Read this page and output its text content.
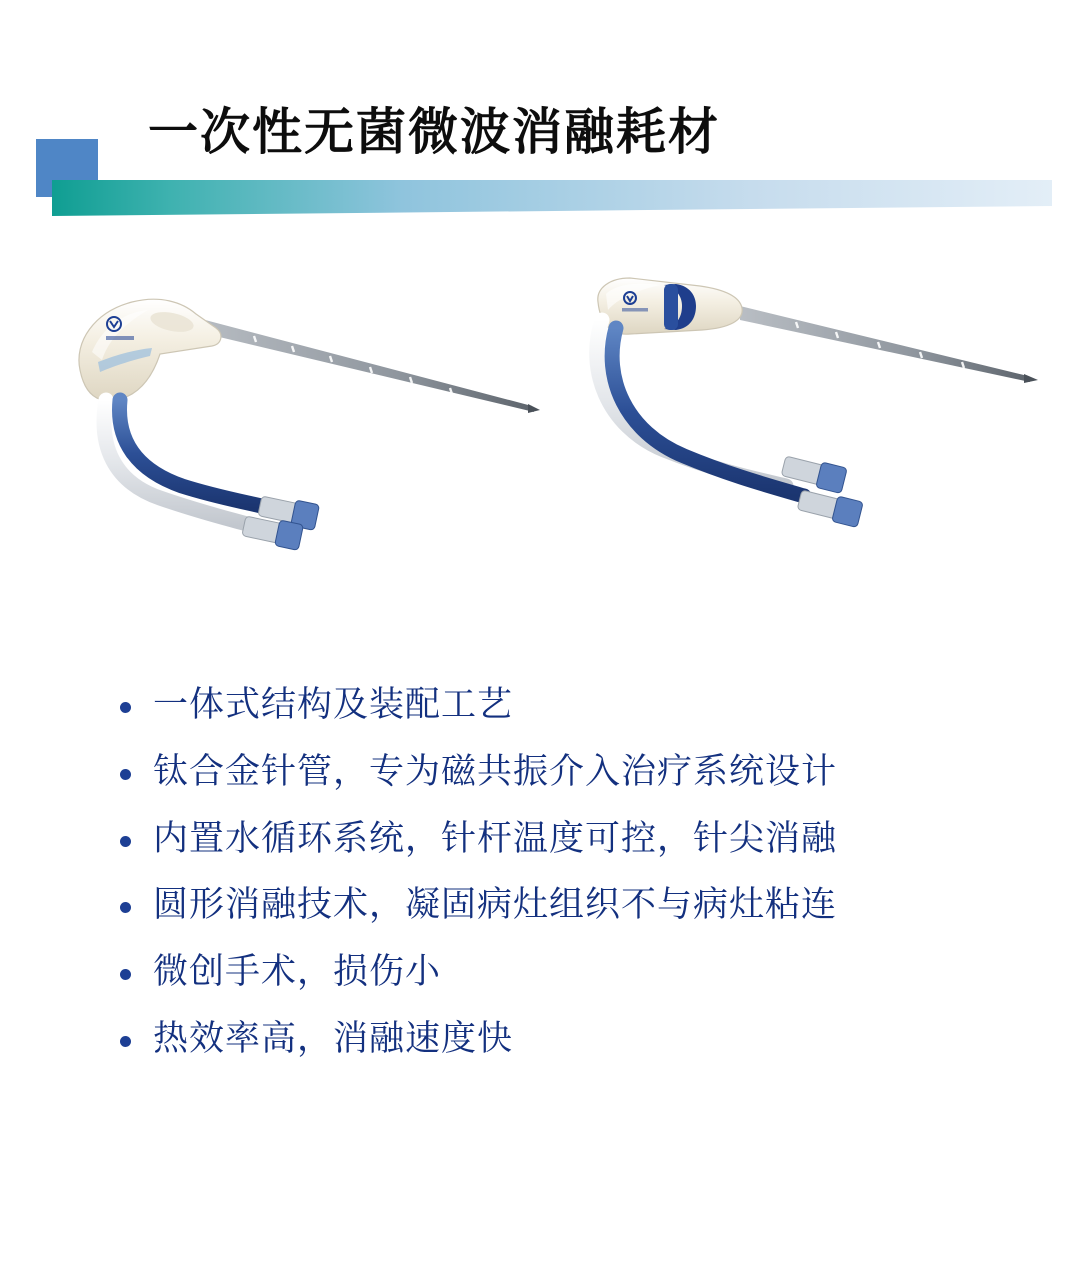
一次性无菌微波消融耗材
一体式结构及装配工艺
钛合金针管，专为磁共振介入治疗系统设计
内置水循环系统，针杆温度可控，针尖消融
圆形消融技术，凝固病灶组织不与病灶粘连
微创手术，损伤小
热效率高，消融速度快
